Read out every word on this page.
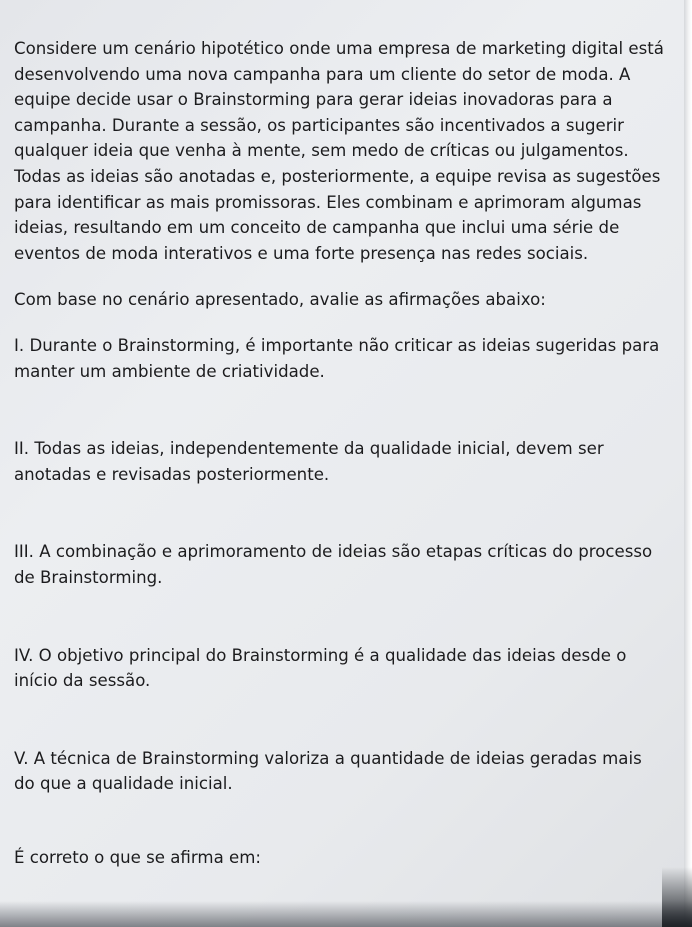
Considere um cenário hipotético onde uma empresa de marketing digital está desenvolvendo uma nova campanha para um cliente do setor de moda. A equipe decide usar o Brainstorming para gerar ideias inovadoras para a campanha. Durante a sessão, os participantes são incentivados a sugerir qualquer ideia que venha à mente, sem medo de críticas ou julgamentos. Todas as ideias são anotadas e, posteriormente, a equipe revisa as sugestões para identificar as mais promissoras. Eles combinam e aprimoram algumas ideias, resultando em um conceito de campanha que inclui uma série de eventos de moda interativos e uma forte presença nas redes sociais.

Com base no cenário apresentado, avalie as afirmações abaixo:

I. Durante o Brainstorming, é importante não criticar as ideias sugeridas para manter um ambiente de criatividade.

II. Todas as ideias, independentemente da qualidade inicial, devem ser anotadas e revisadas posteriormente.

III. A combinação e aprimoramento de ideias são etapas críticas do processo de Brainstorming.

IV. O objetivo principal do Brainstorming é a qualidade das ideias desde o início da sessão.

V. A técnica de Brainstorming valoriza a quantidade de ideias geradas mais do que a qualidade inicial.

É correto o que se afirma em:
